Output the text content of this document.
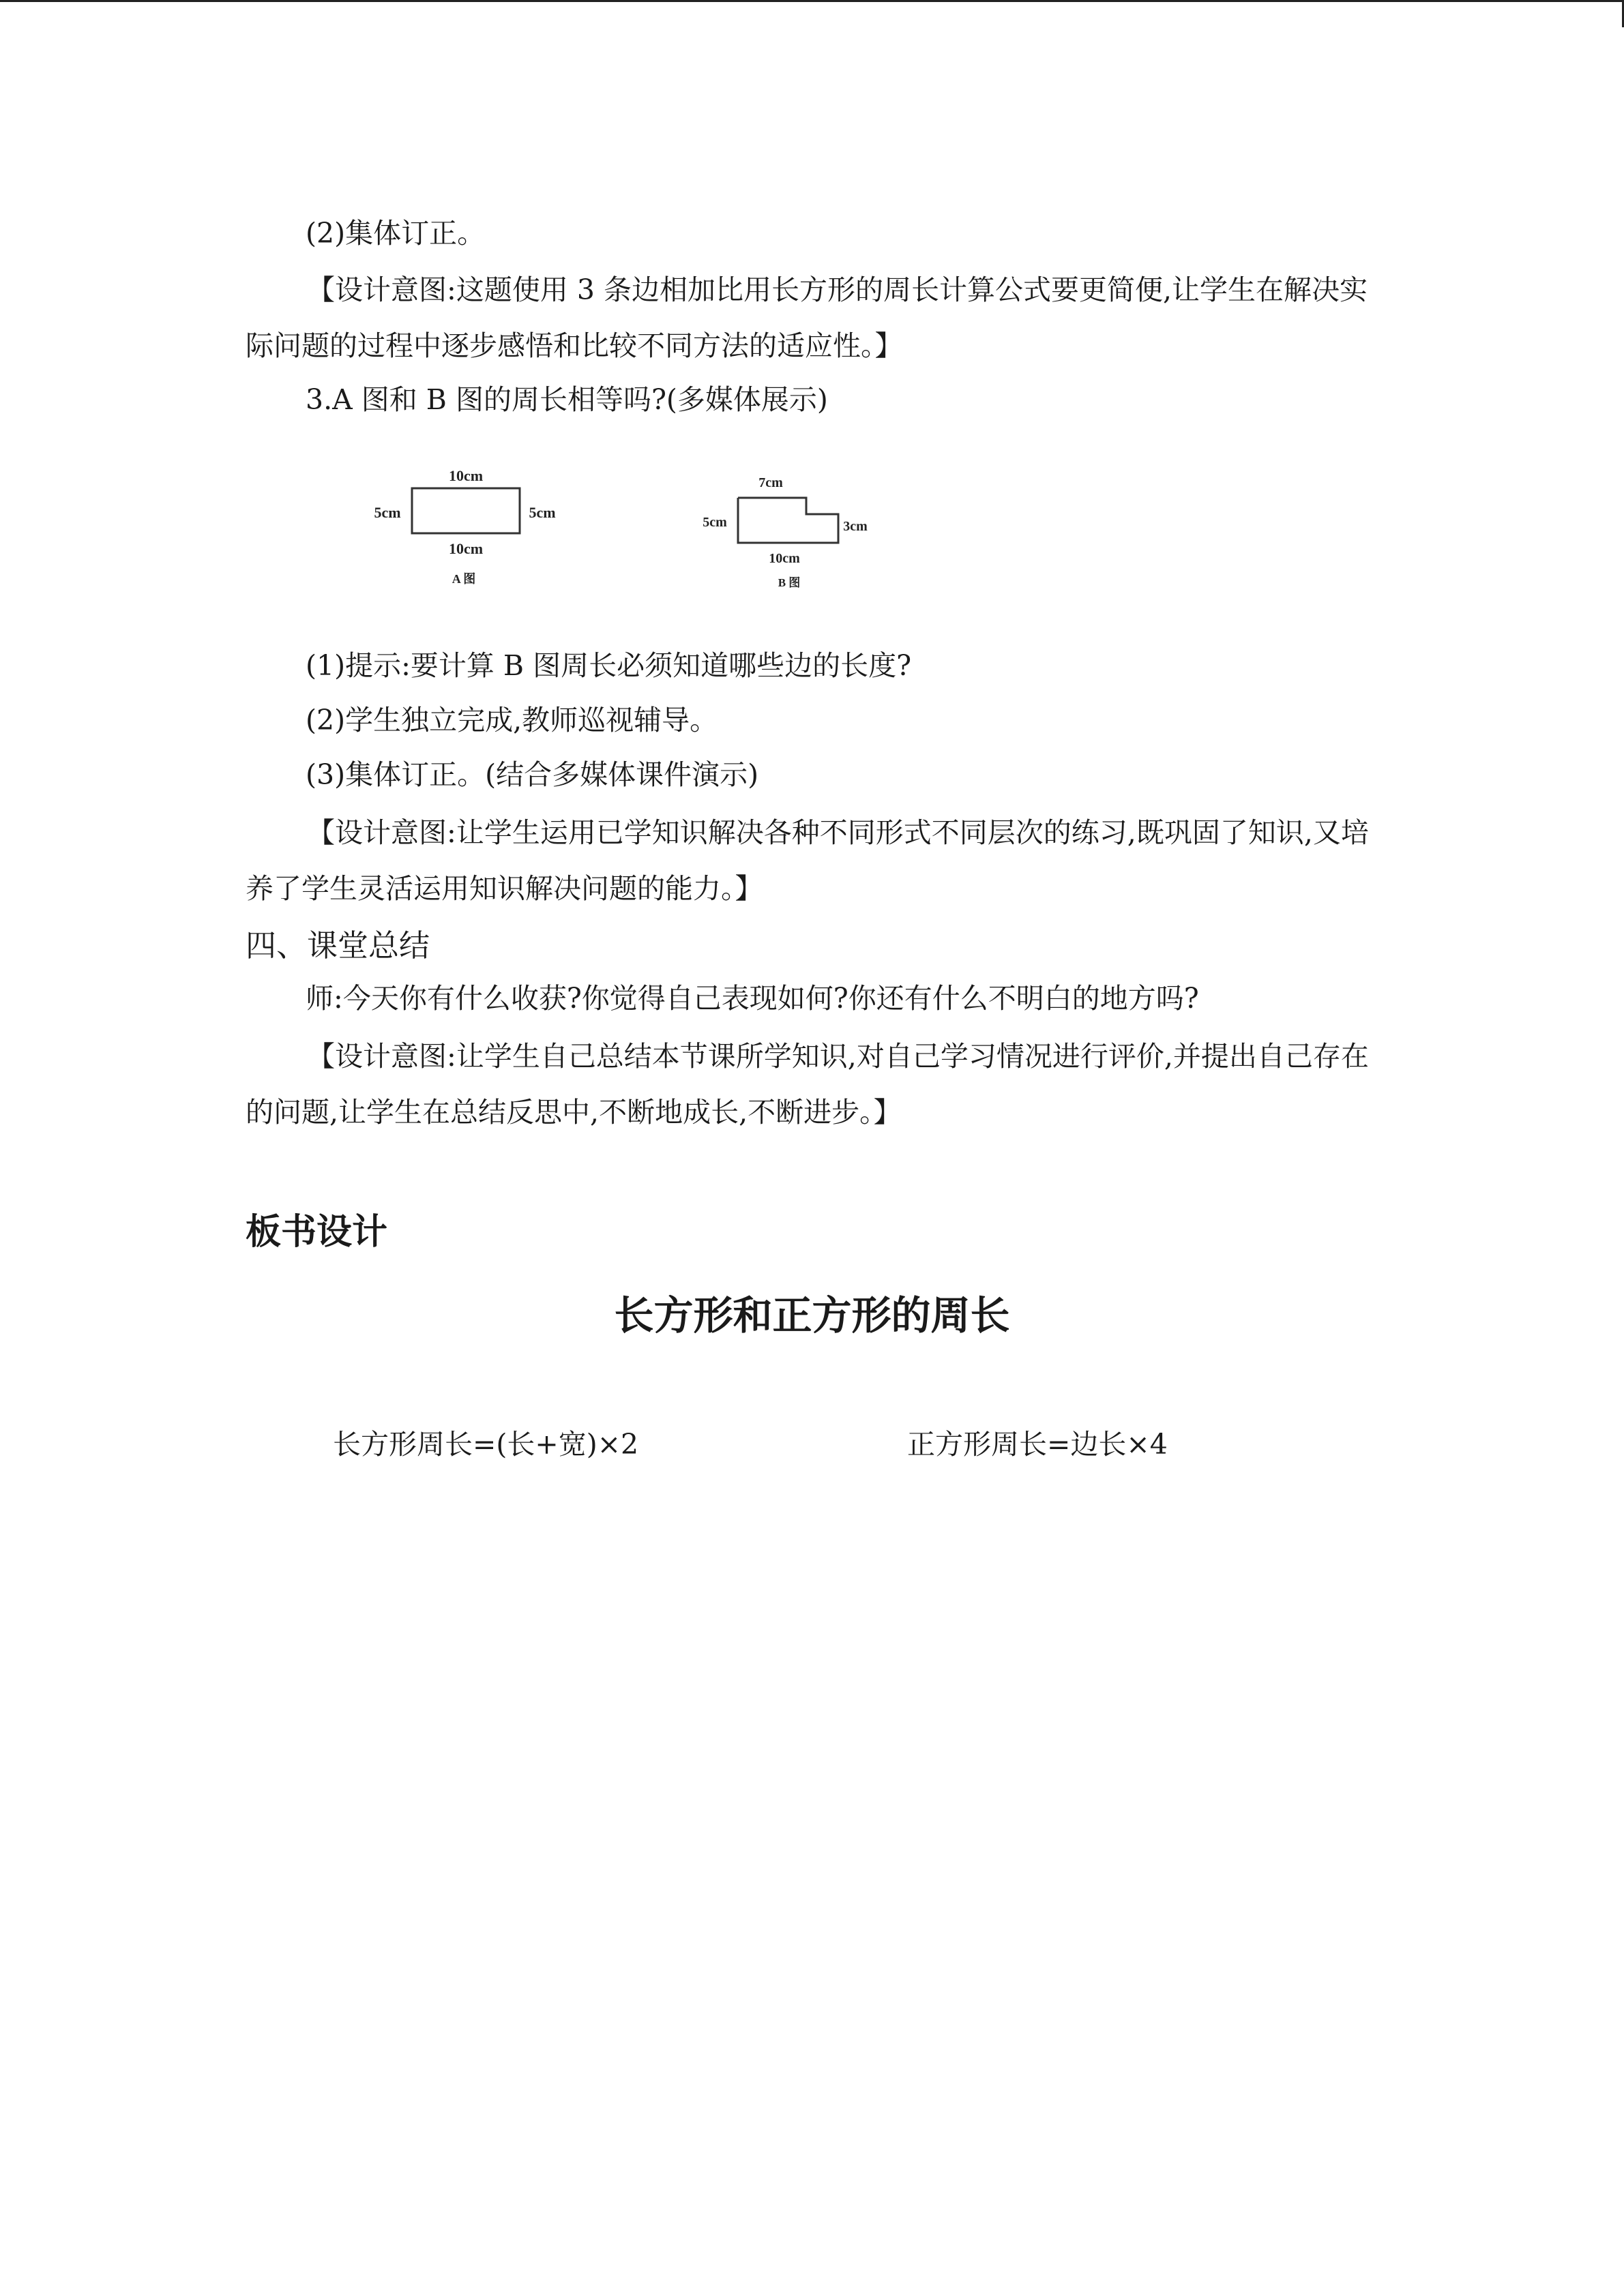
(2)集体订正。
【设计意图:这题使用 3 条边相加比用长方形的周长计算公式要更简便,让学生在解决实际问题的过程中逐步感悟和比较不同方法的适应性。】
3.A 图和 B 图的周长相等吗?(多媒体展示)
10cm
5cm	5cm
10cm
A 图
7cm
5cm	3cm
10cm
B 图
(1)提示:要计算 B 图周长必须知道哪些边的长度?
(2)学生独立完成,教师巡视辅导。
(3)集体订正。(结合多媒体课件演示)
【设计意图:让学生运用已学知识解决各种不同形式不同层次的练习,既巩固了知识,又培养了学生灵活运用知识解决问题的能力。】
四、课堂总结
师:今天你有什么收获?你觉得自己表现如何?你还有什么不明白的地方吗?
【设计意图:让学生自己总结本节课所学知识,对自己学习情况进行评价,并提出自己存在的问题,让学生在总结反思中,不断地成长,不断进步。】
板书设计
长方形和正方形的周长
长方形周长=(长+宽)×2	正方形周长=边长×4
